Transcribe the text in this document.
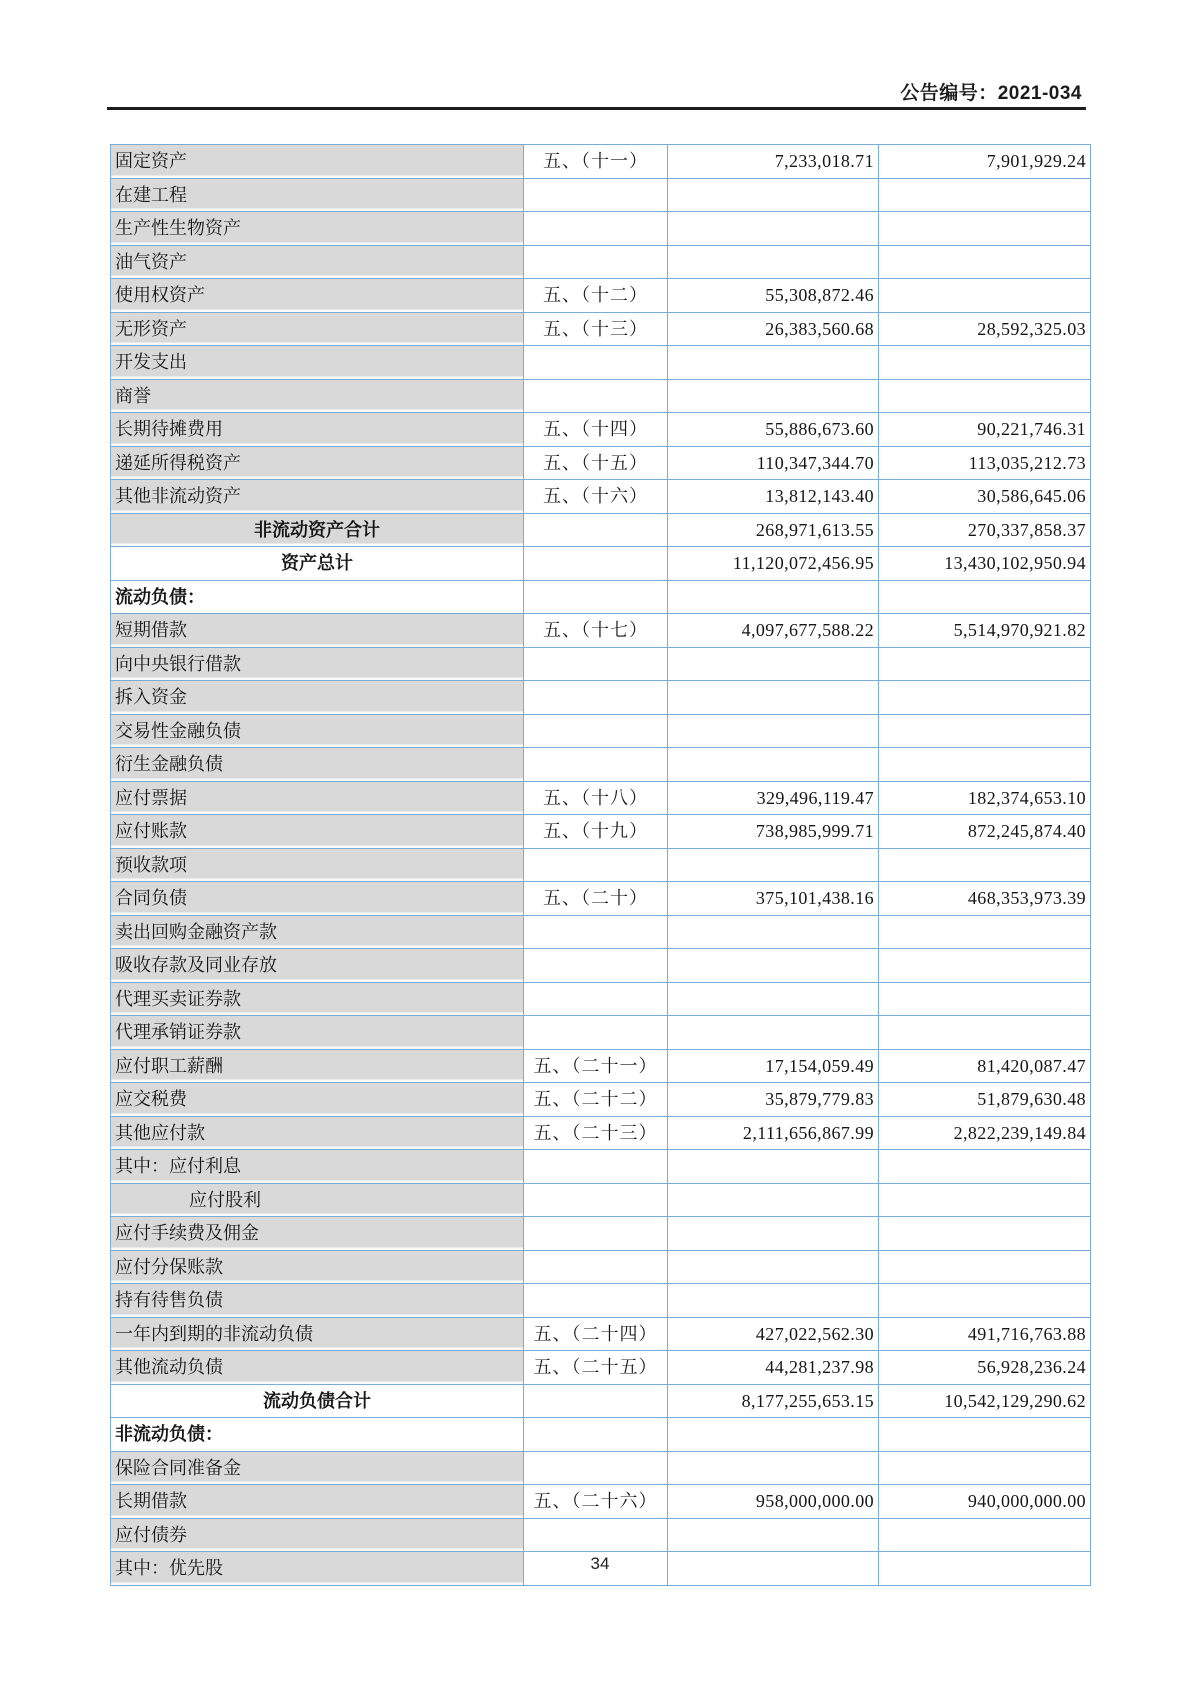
公告编号：2021-034
固定资产	五、（十一）	7,233,018.71	7,901,929.24
在建工程			
生产性生物资产			
油气资产			
使用权资产	五、（十二）	55,308,872.46	
无形资产	五、（十三）	26,383,560.68	28,592,325.03
开发支出			
商誉			
长期待摊费用	五、（十四）	55,886,673.60	90,221,746.31
递延所得税资产	五、（十五）	110,347,344.70	113,035,212.73
其他非流动资产	五、（十六）	13,812,143.40	30,586,645.06
非流动资产合计		268,971,613.55	270,337,858.37
资产总计		11,120,072,456.95	13,430,102,950.94
流动负债：			
短期借款	五、（十七）	4,097,677,588.22	5,514,970,921.82
向中央银行借款			
拆入资金			
交易性金融负债			
衍生金融负债			
应付票据	五、（十八）	329,496,119.47	182,374,653.10
应付账款	五、（十九）	738,985,999.71	872,245,874.40
预收款项			
合同负债	五、（二十）	375,101,438.16	468,353,973.39
卖出回购金融资产款			
吸收存款及同业存放			
代理买卖证券款			
代理承销证券款			
应付职工薪酬	五、（二十一）	17,154,059.49	81,420,087.47
应交税费	五、（二十二）	35,879,779.83	51,879,630.48
其他应付款	五、（二十三）	2,111,656,867.99	2,822,239,149.84
其中：应付利息			
应付股利			
应付手续费及佣金			
应付分保账款			
持有待售负债			
一年内到期的非流动负债	五、（二十四）	427,022,562.30	491,716,763.88
其他流动负债	五、（二十五）	44,281,237.98	56,928,236.24
流动负债合计		8,177,255,653.15	10,542,129,290.62
非流动负债：			
保险合同准备金			
长期借款	五、（二十六）	958,000,000.00	940,000,000.00
应付债券			
其中：优先股				34
